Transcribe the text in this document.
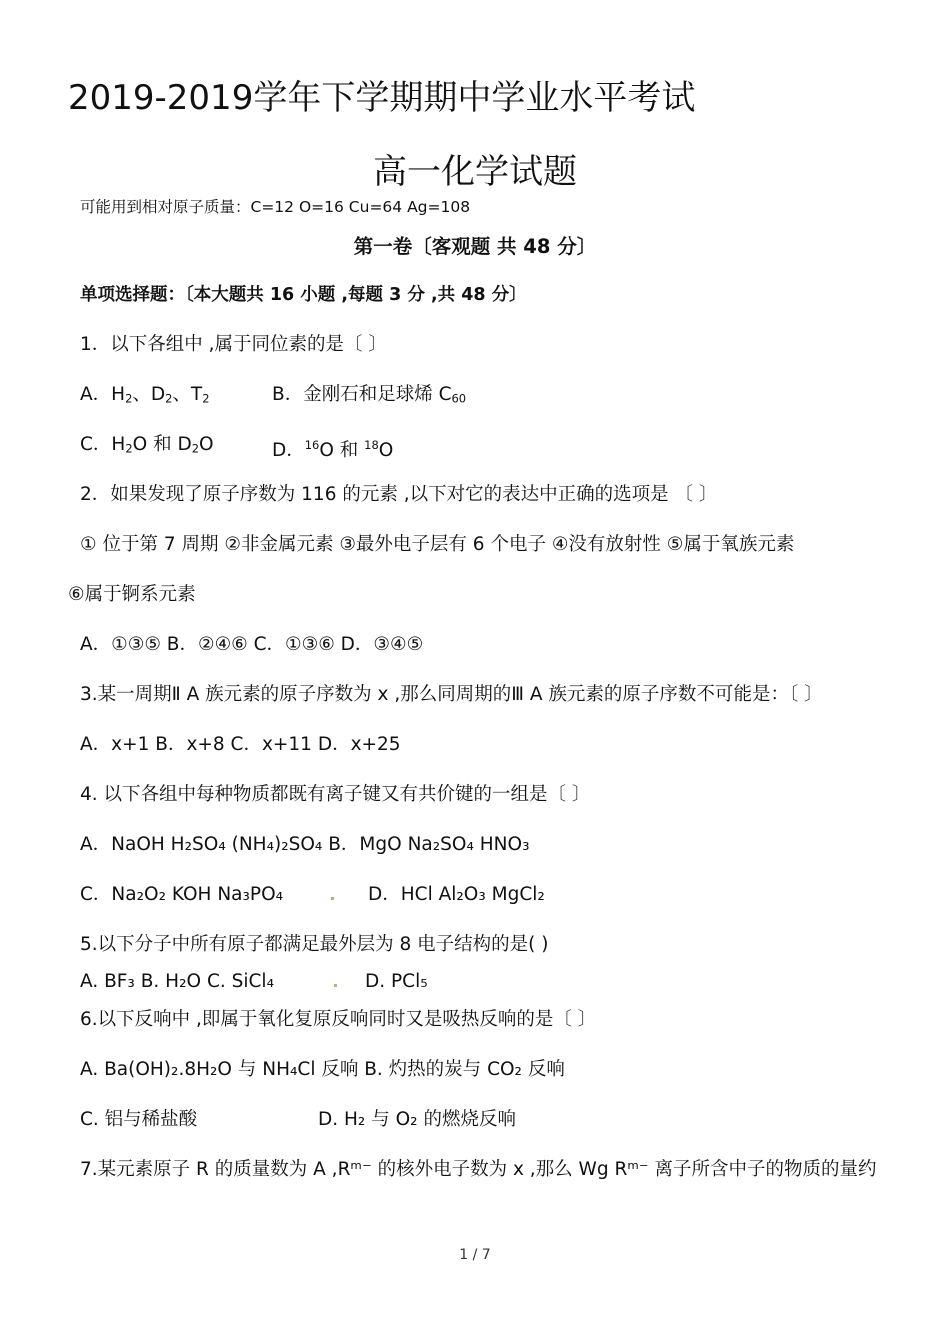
2019-2019学年下学期期中学业水平考试
高一化学试题
可能用到相对原子质量：C=12 O=16 Cu=64 Ag=108
第一卷〔客观题 共 48 分〕
单项选择题：〔本大题共 16 小题 ,每题 3 分 ,共 48 分〕
1．以下各组中 ,属于同位素的是〔 〕
A．$H_2$、$D_2$、$T_2$	B．金刚石和足球烯 $C_{60}$
C．$H_2O$ 和 $D_2O$	D．$^{16}$O 和 $^{18}$O
2．如果发现了原子序数为 116 的元素 ,以下对它的表达中正确的选项是 〔 〕
① 位于第 7 周期 ②非金属元素 ③最外电子层有 6 个电子 ④没有放射性 ⑤属于氧族元素
⑥属于锕系元素
A．①③⑤ B．②④⑥ C．①③⑥ D．③④⑤
3.某一周期Ⅱ A 族元素的原子序数为 x ,那么同周期的Ⅲ A 族元素的原子序数不可能是：〔 〕
A．x+1 B．x+8 C．x+11 D．x+25
4. 以下各组中每种物质都既有离子键又有共价键的一组是〔 〕
A．NaOH H₂SO₄ (NH₄)₂SO₄ B．MgO Na₂SO₄ HNO₃
C．Na₂O₂ KOH Na₃PO₄	D．HCl Al₂O₃ MgCl₂
5.以下分子中所有原子都满足最外层为 8 电子结构的是( )
A. BF₃ B. H₂O C. SiCl₄	D. PCl₅
6.以下反响中 ,即属于氧化复原反响同时又是吸热反响的是〔 〕
A. Ba(OH)₂.8H₂O 与 NH₄Cl 反响 B. 灼热的炭与 CO₂ 反响
C. 铝与稀盐酸	D. H₂ 与 O₂ 的燃烧反响
7.某元素原子 R 的质量数为 A ,Rᵐ⁻ 的核外电子数为 x ,那么 Wg Rᵐ⁻ 离子所含中子的物质的量约
1 / 7
